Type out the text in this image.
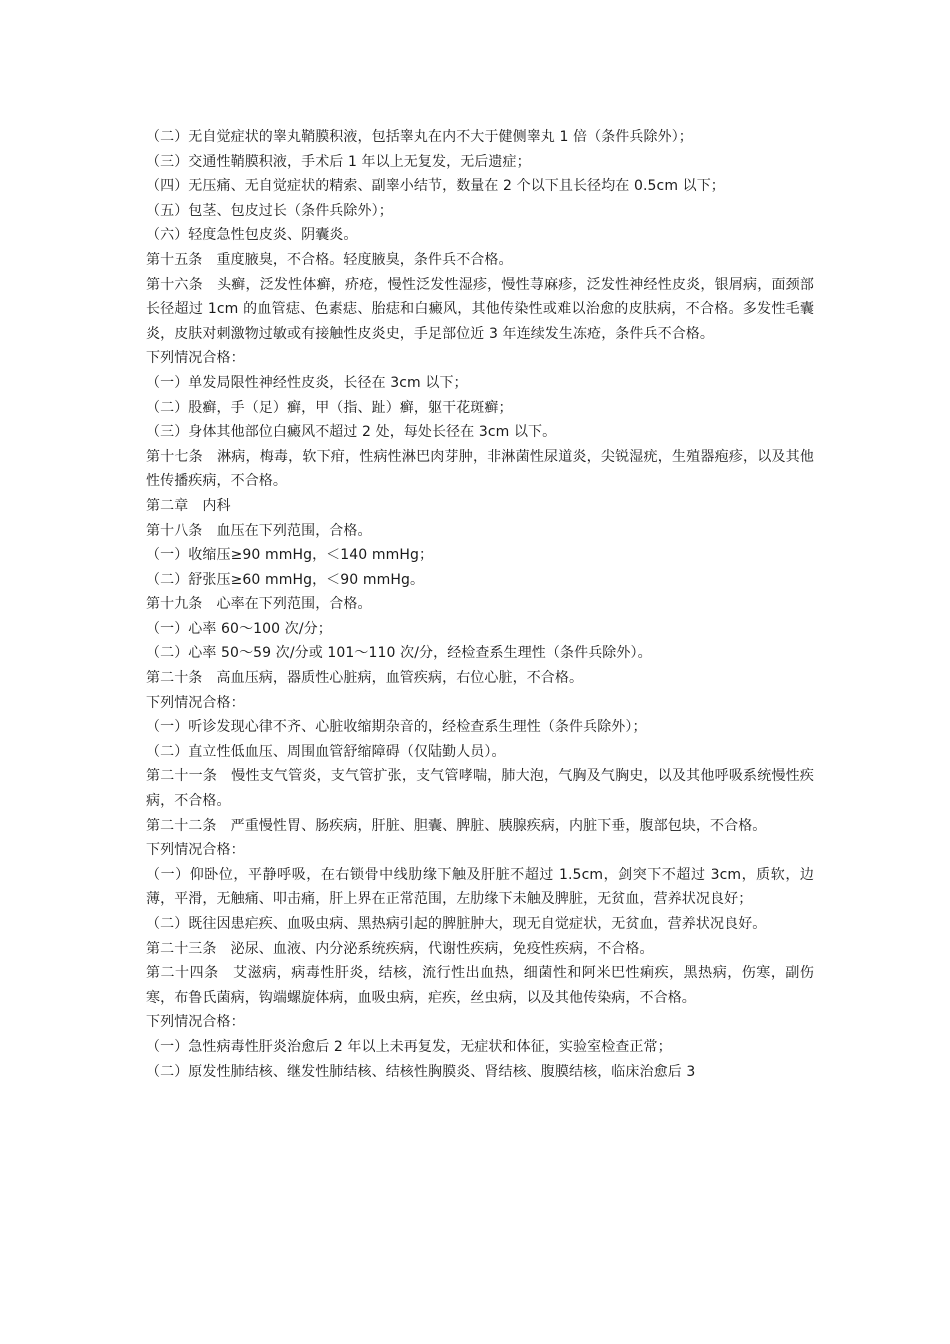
（二）无自觉症状的睾丸鞘膜积液，包括睾丸在内不大于健侧睾丸 1 倍（条件兵除外）；

（三）交通性鞘膜积液，手术后 1 年以上无复发，无后遗症；

（四）无压痛、无自觉症状的精索、副睾小结节，数量在 2 个以下且长径均在 0.5cm 以下；

（五）包茎、包皮过长（条件兵除外）；

（六）轻度急性包皮炎、阴囊炎。

第十五条　重度腋臭，不合格。轻度腋臭，条件兵不合格。

第十六条　头癣，泛发性体癣，疥疮，慢性泛发性湿疹，慢性荨麻疹，泛发性神经性皮炎，银屑病，面颈部长径超过 1cm 的血管痣、色素痣、胎痣和白癜风，其他传染性或难以治愈的皮肤病，不合格。多发性毛囊炎，皮肤对刺激物过敏或有接触性皮炎史，手足部位近 3 年连续发生冻疮，条件兵不合格。

下列情况合格：

（一）单发局限性神经性皮炎，长径在 3cm 以下；

（二）股癣，手（足）癣，甲（指、趾）癣，躯干花斑癣；

（三）身体其他部位白癜风不超过 2 处，每处长径在 3cm 以下。

第十七条　淋病，梅毒，软下疳，性病性淋巴肉芽肿，非淋菌性尿道炎，尖锐湿疣，生殖器疱疹，以及其他性传播疾病，不合格。

第二章　内科

第十八条　血压在下列范围，合格。

（一）收缩压≥90 mmHg，＜140 mmHg；

（二）舒张压≥60 mmHg，＜90 mmHg。

第十九条　心率在下列范围，合格。

（一）心率 60～100 次/分；

（二）心率 50～59 次/分或 101～110 次/分，经检查系生理性（条件兵除外）。

第二十条　高血压病，器质性心脏病，血管疾病，右位心脏，不合格。

下列情况合格：

（一）听诊发现心律不齐、心脏收缩期杂音的，经检查系生理性（条件兵除外）；

（二）直立性低血压、周围血管舒缩障碍（仅陆勤人员）。

第二十一条　慢性支气管炎，支气管扩张，支气管哮喘，肺大泡，气胸及气胸史，以及其他呼吸系统慢性疾病，不合格。

第二十二条　严重慢性胃、肠疾病，肝脏、胆囊、脾脏、胰腺疾病，内脏下垂，腹部包块，不合格。

下列情况合格：

（一）仰卧位，平静呼吸，在右锁骨中线肋缘下触及肝脏不超过 1.5cm，剑突下不超过 3cm，质软，边薄，平滑，无触痛、叩击痛，肝上界在正常范围，左肋缘下未触及脾脏，无贫血，营养状况良好；

（二）既往因患疟疾、血吸虫病、黑热病引起的脾脏肿大，现无自觉症状，无贫血，营养状况良好。

第二十三条　泌尿、血液、内分泌系统疾病，代谢性疾病，免疫性疾病，不合格。

第二十四条　艾滋病，病毒性肝炎，结核，流行性出血热，细菌性和阿米巴性痢疾，黑热病，伤寒，副伤寒，布鲁氏菌病，钩端螺旋体病，血吸虫病，疟疾，丝虫病，以及其他传染病，不合格。

下列情况合格：

（一）急性病毒性肝炎治愈后 2 年以上未再复发，无症状和体征，实验室检查正常；

（二）原发性肺结核、继发性肺结核、结核性胸膜炎、肾结核、腹膜结核，临床治愈后 3
